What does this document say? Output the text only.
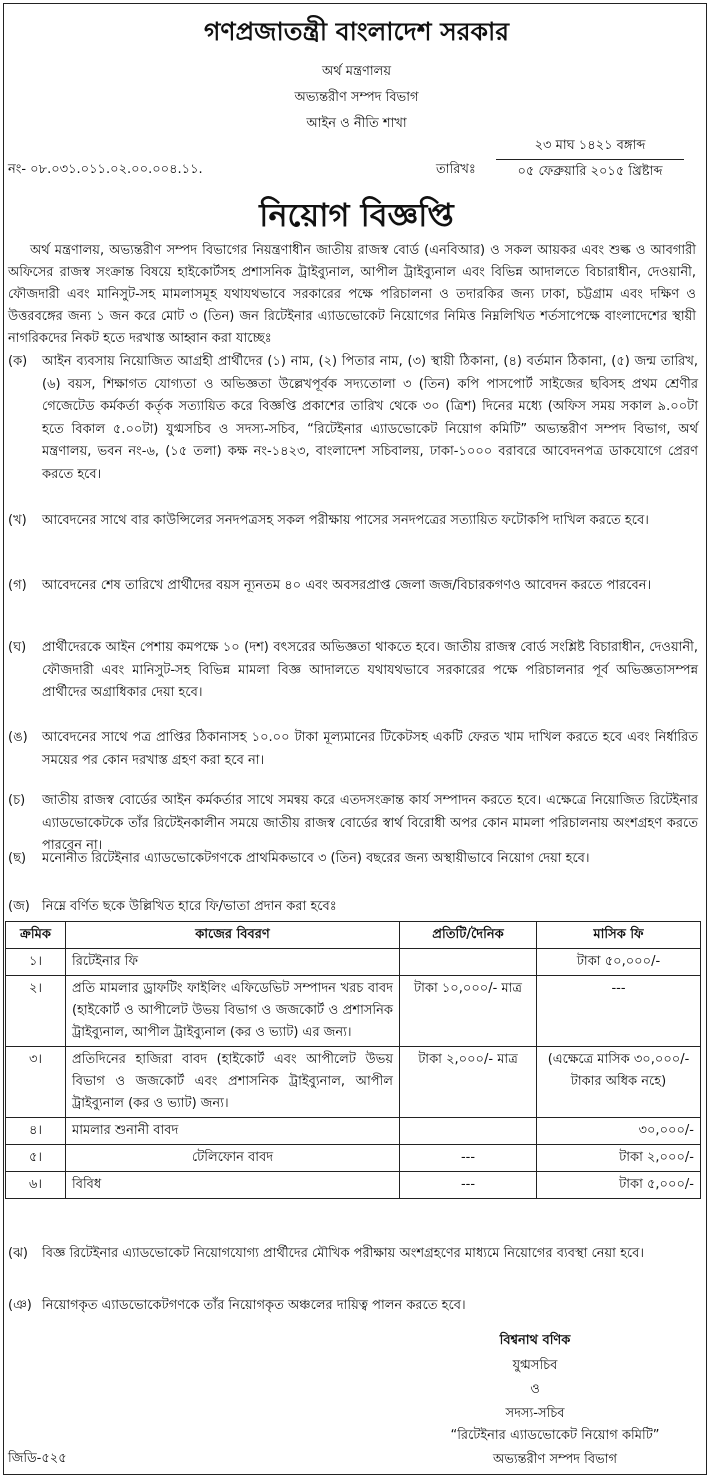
গণপ্রজাতন্ত্রী বাংলাদেশ সরকার
অর্থ মন্ত্রণালয়
অভ্যন্তরীণ সম্পদ বিভাগ
আইন ও নীতি শাখা
নং- ০৮.০৩১.০১১.০২.০০.০০৪.১১.	তারিখঃ
২৩ মাঘ ১৪২১ বঙ্গাব্দ
০৫ ফেব্রুয়ারি ২০১৫ খ্রিষ্টাব্দ
নিয়োগ বিজ্ঞপ্তি
অর্থ মন্ত্রণালয়, অভ্যন্তরীণ সম্পদ বিভাগের নিয়ন্ত্রণাধীন জাতীয় রাজস্ব বোর্ড (এনবিআর) ও সকল আয়কর এবং শুল্ক ও আবগারী অফিসের রাজস্ব সংক্রান্ত বিষয়ে হাইকোর্টসহ প্রশাসনিক ট্রাইব্যুনাল, আপীল ট্রাইব্যুনাল এবং বিভিন্ন আদালতে বিচারাধীন, দেওয়ানী, ফৌজদারী এবং মানিসুট-সহ মামলাসমূহ যথাযথভাবে সরকারের পক্ষে পরিচালনা ও তদারকির জন্য ঢাকা, চট্টগ্রাম এবং দক্ষিণ ও উত্তরবঙ্গের জন্য ১ জন করে মোট ৩ (তিন) জন রিটেইনার এ্যাডভোকেট নিয়োগের নিমিত্ত নিম্নলিখিত শর্তসাপেক্ষে বাংলাদেশের স্থায়ী নাগরিকদের নিকট হতে দরখাস্ত আহ্বান করা যাচ্ছেঃ
(ক)	আইন ব্যবসায় নিয়োজিত আগ্রহী প্রার্থীদের (১) নাম, (২) পিতার নাম, (৩) স্থায়ী ঠিকানা, (৪) বর্তমান ঠিকানা, (৫) জন্ম তারিখ, (৬) বয়স, শিক্ষাগত যোগ্যতা ও অভিজ্ঞতা উল্লেখপূর্বক সদ্যতোলা ৩ (তিন) কপি পাসপোর্ট সাইজের ছবিসহ প্রথম শ্রেণীর গেজেটেড কর্মকর্তা কর্তৃক সত্যায়িত করে বিজ্ঞপ্তি প্রকাশের তারিখ থেকে ৩০ (ত্রিশ) দিনের মধ্যে (অফিস সময় সকাল ৯.০০টা হতে বিকাল ৫.০০টা) যুগ্মসচিব ও সদস্য-সচিব, “রিটেইনার এ্যাডভোকেট নিয়োগ কমিটি” অভ্যন্তরীণ সম্পদ বিভাগ, অর্থ মন্ত্রণালয়, ভবন নং-৬, (১৫ তলা) কক্ষ নং-১৪২৩, বাংলাদেশ সচিবালয়, ঢাকা-১০০০ বরাবরে আবেদনপত্র ডাকযোগে প্রেরণ করতে হবে।
(খ)	আবেদনের সাথে বার কাউন্সিলের সনদপত্রসহ সকল পরীক্ষায় পাসের সনদপত্রের সত্যায়িত ফটোকপি দাখিল করতে হবে।
(গ)	আবেদনের শেষ তারিখে প্রার্থীদের বয়স ন্যূনতম ৪০ এবং অবসরপ্রাপ্ত জেলা জজ/বিচারকগণও আবেদন করতে পারবেন।
(ঘ)	প্রার্থীদেরকে আইন পেশায় কমপক্ষে ১০ (দশ) বৎসরের অভিজ্ঞতা থাকতে হবে। জাতীয় রাজস্ব বোর্ড সংশ্লিষ্ট বিচারাধীন, দেওয়ানী, ফৌজদারী এবং মানিসুট-সহ বিভিন্ন মামলা বিজ্ঞ আদালতে যথাযথভাবে সরকারের পক্ষে পরিচালনার পূর্ব অভিজ্ঞতাসম্পন্ন প্রার্থীদের অগ্রাধিকার দেয়া হবে।
(ঙ)	আবেদনের সাথে পত্র প্রাপ্তির ঠিকানাসহ ১০.০০ টাকা মূল্যমানের টিকেটসহ একটি ফেরত খাম দাখিল করতে হবে এবং নির্ধারিত সময়ের পর কোন দরখাস্ত গ্রহণ করা হবে না।
(চ)	জাতীয় রাজস্ব বোর্ডের আইন কর্মকর্তার সাথে সমন্বয় করে এতদসংক্রান্ত কার্য সম্পাদন করতে হবে। এক্ষেত্রে নিয়োজিত রিটেইনার এ্যাডভোকেটকে তাঁর রিটেইনকালীন সময়ে জাতীয় রাজস্ব বোর্ডের স্বার্থ বিরোধী অপর কোন মামলা পরিচালনায় অংশগ্রহণ করতে পারবেন না।
(ছ)	মনোনীত রিটেইনার এ্যাডভোকেটগণকে প্রাথমিকভাবে ৩ (তিন) বছরের জন্য অস্থায়ীভাবে নিয়োগ দেয়া হবে।
(জ) নিম্নে বর্ণিত ছকে উল্লিখিত হারে ফি/ভাতা প্রদান করা হবেঃ
ক্রমিক	কাজের বিবরণ	প্রতিটি/দৈনিক	মাসিক ফি
১।	রিটেইনার ফি		টাকা ৫০,০০০/-
২।	প্রতি মামলার ড্রাফটিং ফাইলিং এফিডেভিট সম্পাদন খরচ বাবদ (হাইকোর্ট ও আপীলেট উভয় বিভাগ ও জজকোর্ট ও প্রশাসনিক ট্রাইব্যুনাল, আপীল ট্রাইব্যুনাল (কর ও ভ্যাট) এর জন্য।	টাকা ১০,০০০/- মাত্র	---
৩।	প্রতিদিনের হাজিরা বাবদ (হাইকোর্ট এবং আপীলেট উভয় বিভাগ ও জজকোর্ট এবং প্রশাসনিক ট্রাইব্যুনাল, আপীল ট্রাইব্যুনাল (কর ও ভ্যাট) জন্য।	টাকা ২,০০০/- মাত্র	(এক্ষেত্রে মাসিক ৩০,০০০/- টাকার অধিক নহে)
৪।	মামলার শুনানী বাবদ		৩০,০০০/-
৫।	টেলিফোন বাবদ	---	টাকা ২,০০০/-
৬।	বিবিধ	---	টাকা ৫,০০০/-
(ঝ)	বিজ্ঞ রিটেইনার এ্যাডভোকেট নিয়োগযোগ্য প্রার্থীদের মৌখিক পরীক্ষায় অংশগ্রহণের মাধ্যমে নিয়োগের ব্যবস্থা নেয়া হবে।
(ঞ) নিয়োগকৃত এ্যাডভোকেটগণকে তাঁর নিয়োগকৃত অঞ্চলের দায়িত্ব পালন করতে হবে।
বিশ্বনাথ বণিক
যুগ্মসচিব
ও
সদস্য-সচিব
“রিটেইনার এ্যাডভোকেট নিয়োগ কমিটি”
অভ্যন্তরীণ সম্পদ বিভাগ
জিডি-৫২৫
